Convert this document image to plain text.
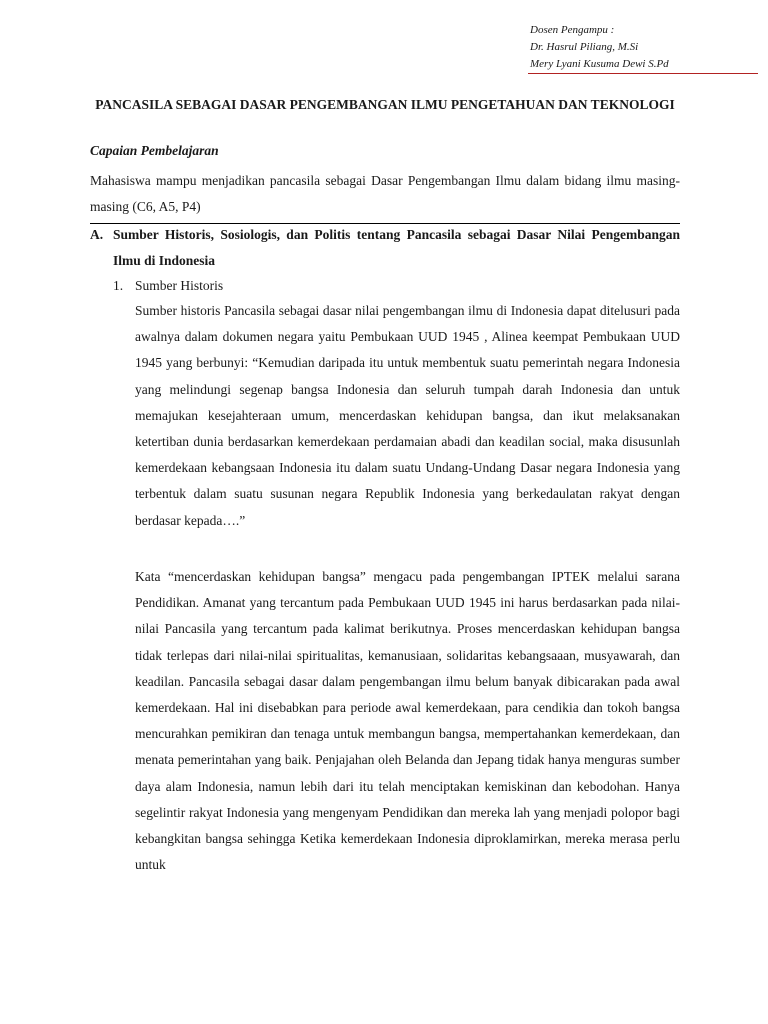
Dosen Pengampu :
Dr. Hasrul Piliang, M.Si
Mery Lyani Kusuma Dewi S.Pd
PANCASILA SEBAGAI DASAR PENGEMBANGAN ILMU PENGETAHUAN DAN TEKNOLOGI
Capaian Pembelajaran
Mahasiswa mampu menjadikan pancasila sebagai Dasar Pengembangan Ilmu dalam bidang ilmu masing-masing (C6, A5, P4)
A. Sumber Historis, Sosiologis, dan Politis tentang Pancasila sebagai Dasar Nilai Pengembangan Ilmu di Indonesia
1. Sumber Historis
Sumber historis Pancasila sebagai dasar nilai pengembangan ilmu di Indonesia dapat ditelusuri pada awalnya dalam dokumen negara yaitu Pembukaan UUD 1945 , Alinea keempat Pembukaan UUD 1945 yang berbunyi: “Kemudian daripada itu untuk membentuk suatu pemerintah negara Indonesia yang melindungi segenap bangsa Indonesia dan seluruh tumpah darah Indonesia dan untuk memajukan kesejahteraan umum, mencerdaskan kehidupan bangsa, dan ikut melaksanakan ketertiban dunia berdasarkan kemerdekaan perdamaian abadi dan keadilan social, maka disusunlah kemerdekaan kebangsaan Indonesia itu dalam suatu Undang-Undang Dasar negara Indonesia yang terbentuk dalam suatu susunan negara Republik Indonesia yang berkedaulatan rakyat dengan berdasar kepada….”
Kata “mencerdaskan kehidupan bangsa” mengacu pada pengembangan IPTEK melalui sarana Pendidikan. Amanat yang tercantum pada Pembukaan UUD 1945 ini harus berdasarkan pada nilai-nilai Pancasila yang tercantum pada kalimat berikutnya. Proses mencerdaskan kehidupan bangsa tidak terlepas dari nilai-nilai spiritualitas, kemanusiaan, solidaritas kebangsaaan, musyawarah, dan keadilan. Pancasila sebagai dasar dalam pengembangan ilmu belum banyak dibicarakan pada awal kemerdekaan. Hal ini disebabkan para periode awal kemerdekaan, para cendikia dan tokoh bangsa mencurahkan pemikiran dan tenaga untuk membangun bangsa, mempertahankan kemerdekaan, dan menata pemerintahan yang baik. Penjajahan oleh Belanda dan Jepang tidak hanya menguras sumber daya alam Indonesia, namun lebih dari itu telah menciptakan kemiskinan dan kebodohan. Hanya segelintir rakyat Indonesia yang mengenyam Pendidikan dan mereka lah yang menjadi polopor bagi kebangkitan bangsa sehingga Ketika kemerdekaan Indonesia diproklamirkan, mereka merasa perlu untuk
